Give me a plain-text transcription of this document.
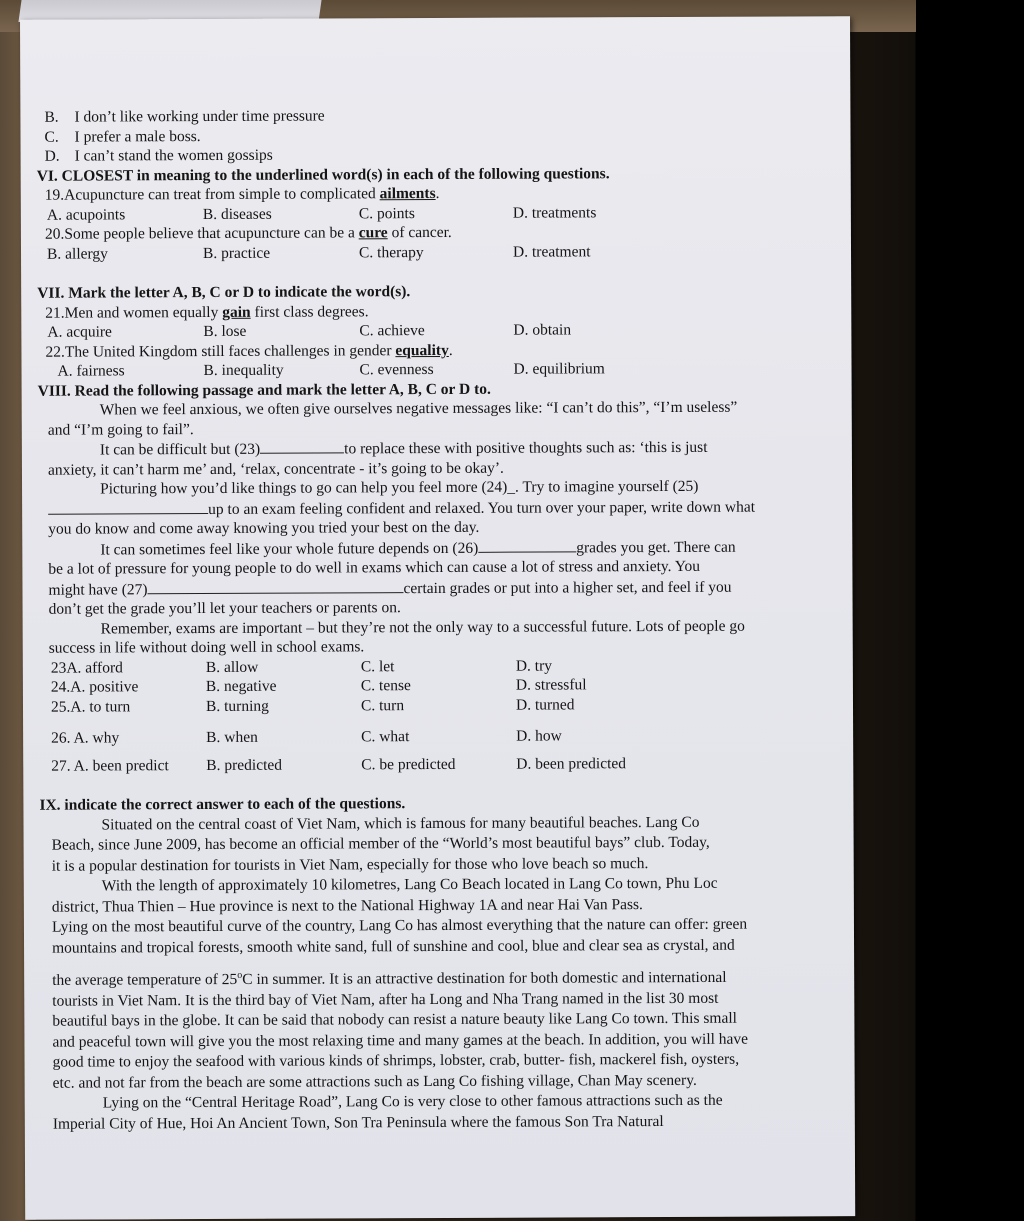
B. I don’t like working under time pressure
C. I prefer a male boss.
D. I can’t stand the women gossips
VI. CLOSEST in meaning to the underlined word(s) in each of the following questions.
19.Acupuncture can treat from simple to complicated ailments.
A. acupoints	B. diseases	C. points	D. treatments
20.Some people believe that acupuncture can be a cure of cancer.
B. allergy	B. practice	C. therapy	D. treatment
VII. Mark the letter A, B, C or D to indicate the word(s).
21.Men and women equally gain first class degrees.
A. acquire	B. lose	C. achieve	D. obtain
22.The United Kingdom still faces challenges in gender equality.
A. fairness	B. inequality	C. evenness	D. equilibrium
VIII. Read the following passage and mark the letter A, B, C or D to.
When we feel anxious, we often give ourselves negative messages like: “I can’t do this”, “I’m useless”
and “I’m going to fail”.
It can be difficult but (23)	to replace these with positive thoughts such as: ‘this is just
anxiety, it can’t harm me’ and, ‘relax, concentrate - it’s going to be okay’.
Picturing how you’d like things to go can help you feel more (24)_. Try to imagine yourself (25)
up to an exam feeling confident and relaxed. You turn over your paper, write down what
you do know and come away knowing you tried your best on the day.
It can sometimes feel like your whole future depends on (26)	grades you get. There can
be a lot of pressure for young people to do well in exams which can cause a lot of stress and anxiety. You
might have (27)	certain grades or put into a higher set, and feel if you
don’t get the grade you’ll let your teachers or parents on.
Remember, exams are important – but they’re not the only way to a successful future. Lots of people go
success in life without doing well in school exams.
23A. afford	B. allow	C. let	D. try
24.A. positive	B. negative	C. tense	D. stressful
25.A. to turn	B. turning	C. turn	D. turned
26. A. why	B. when	C. what	D. how
27. A. been predict	B. predicted	C. be predicted	D. been predicted
IX. indicate the correct answer to each of the questions.
Situated on the central coast of Viet Nam, which is famous for many beautiful beaches. Lang Co
Beach, since June 2009, has become an official member of the “World’s most beautiful bays” club. Today,
it is a popular destination for tourists in Viet Nam, especially for those who love beach so much.
With the length of approximately 10 kilometres, Lang Co Beach located in Lang Co town, Phu Loc
district, Thua Thien – Hue province is next to the National Highway 1A and near Hai Van Pass.
Lying on the most beautiful curve of the country, Lang Co has almost everything that the nature can offer: green
mountains and tropical forests, smooth white sand, full of sunshine and cool, blue and clear sea as crystal, and
the average temperature of 25$^o$C in summer. It is an attractive destination for both domestic and international
tourists in Viet Nam. It is the third bay of Viet Nam, after ha Long and Nha Trang named in the list 30 most
beautiful bays in the globe. It can be said that nobody can resist a nature beauty like Lang Co town. This small
and peaceful town will give you the most relaxing time and many games at the beach. In addition, you will have
good time to enjoy the seafood with various kinds of shrimps, lobster, crab, butter- fish, mackerel fish, oysters,
etc. and not far from the beach are some attractions such as Lang Co fishing village, Chan May scenery.
Lying on the “Central Heritage Road”, Lang Co is very close to other famous attractions such as the
Imperial City of Hue, Hoi An Ancient Town, Son Tra Peninsula where the famous Son Tra Natural
